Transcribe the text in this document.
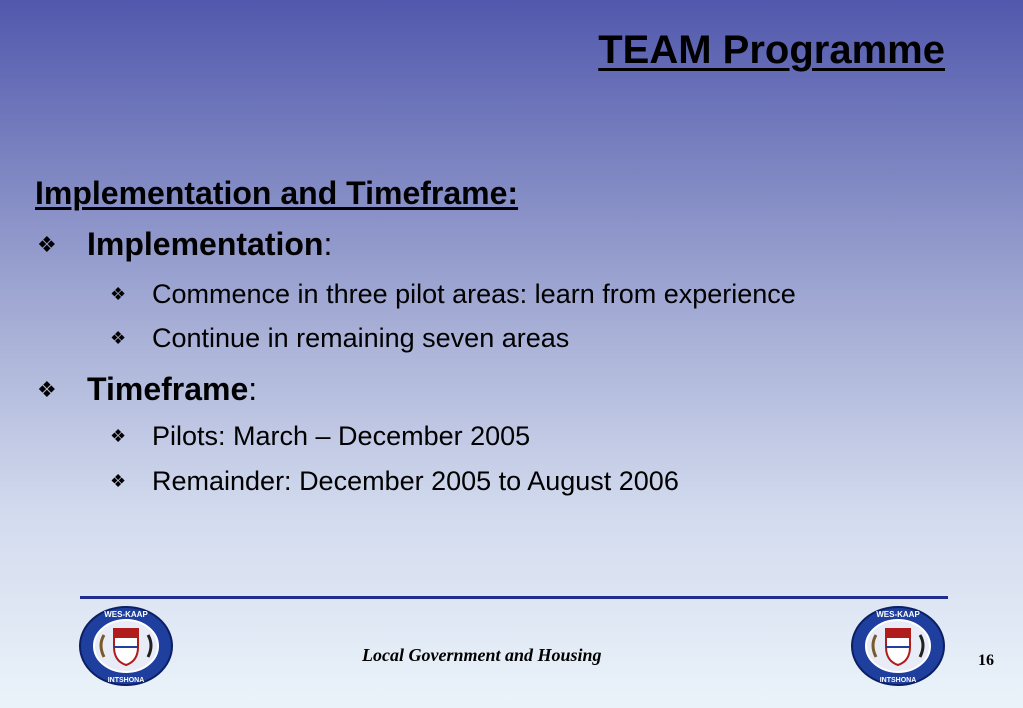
TEAM Programme
Implementation and Timeframe:
❖ Implementation:
❖ Commence in three pilot areas: learn from experience
❖ Continue in remaining seven areas
❖ Timeframe:
❖ Pilots: March – December 2005
❖ Remainder: December 2005 to August 2006
WES-KAAP
INTSHONA
WES-KAAP
INTSHONA
Local Government and Housing	16
